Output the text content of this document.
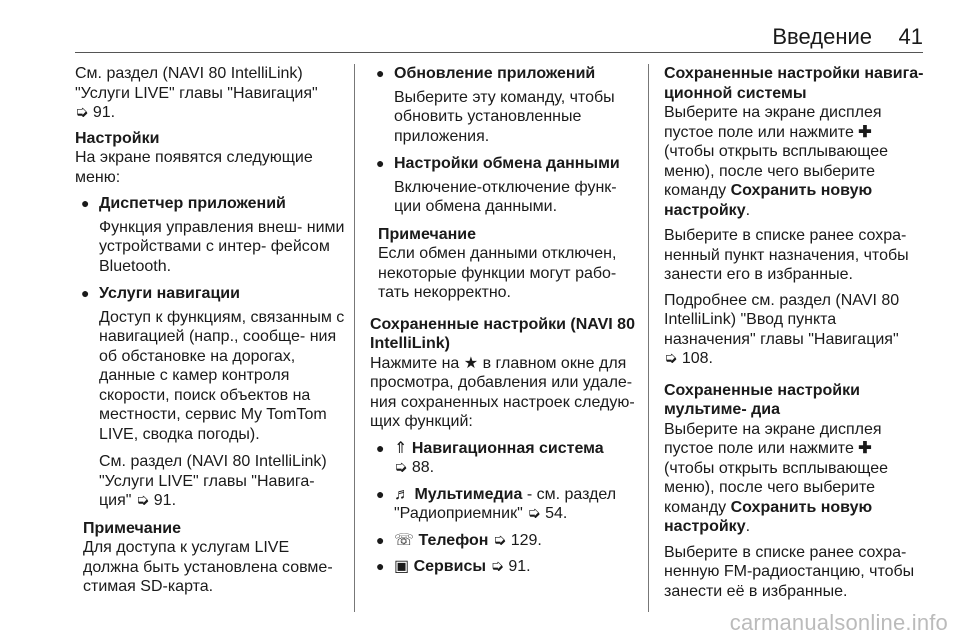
Введение 41

См. раздел (NAVI 80 IntelliLink) "Услуги LIVE" главы "Навигация"
➭ 91.

Настройки

На экране появятся следующие меню:

● Диспетчер приложений
Функция управления внеш- ними устройствами с интер- фейсом Bluetooth.
● Услуги навигации
Доступ к функциям, связанным с навигацией (напр., сообще- ния об обстановке на дорогах, данные с камер контроля скорости, поиск объектов на местности, сервис My TomTom LIVE, сводка погоды).
См. раздел (NAVI 80 IntelliLink) "Услуги LIVE" главы "Навига- ция" ➭ 91.
Примечание
Для доступа к услугам LIVE должна быть установлена совме- стимая SD-карта.
● Обновление приложений
Выберите эту команду, чтобы обновить установленные приложения.
● Настройки обмена данными
Включение-отключение функ- ции обмена данными.
Примечание
Если обмен данными отключен, некоторые функции могут рабо- тать некорректно.
Сохраненные настройки (NAVI 80 IntelliLink)

Нажмите на ★ в главном окне для просмотра, добавления или удале- ния сохраненных настроек следую- щих функций:

● ⇑ Навигационная система
➭ 88.
● ♬ Мультимедиа - см. раздел "Радиоприемник" ➭ 54.
● ☏ Телефон ➭ 129.
● ▣ Сервисы ➭ 91.
Сохраненные настройки навига- ционной системы

Выберите на экране дисплея пустое поле или нажмите ✚ (чтобы открыть всплывающее меню), после чего выберите команду Сохранить новую настройку.

Выберите в списке ранее сохра- ненный пункт назначения, чтобы занести его в избранные.

Подробнее см. раздел (NAVI 80 IntelliLink) "Ввод пункта назначения" главы "Навигация"
➭ 108.

Сохраненные настройки мультиме- диа

Выберите на экране дисплея пустое поле или нажмите ✚ (чтобы открыть всплывающее меню), после чего выберите команду Сохранить новую настройку.

Выберите в списке ранее сохра- ненную FM-радиостанцию, чтобы занести её в избранные.

carmanualsonline.info
